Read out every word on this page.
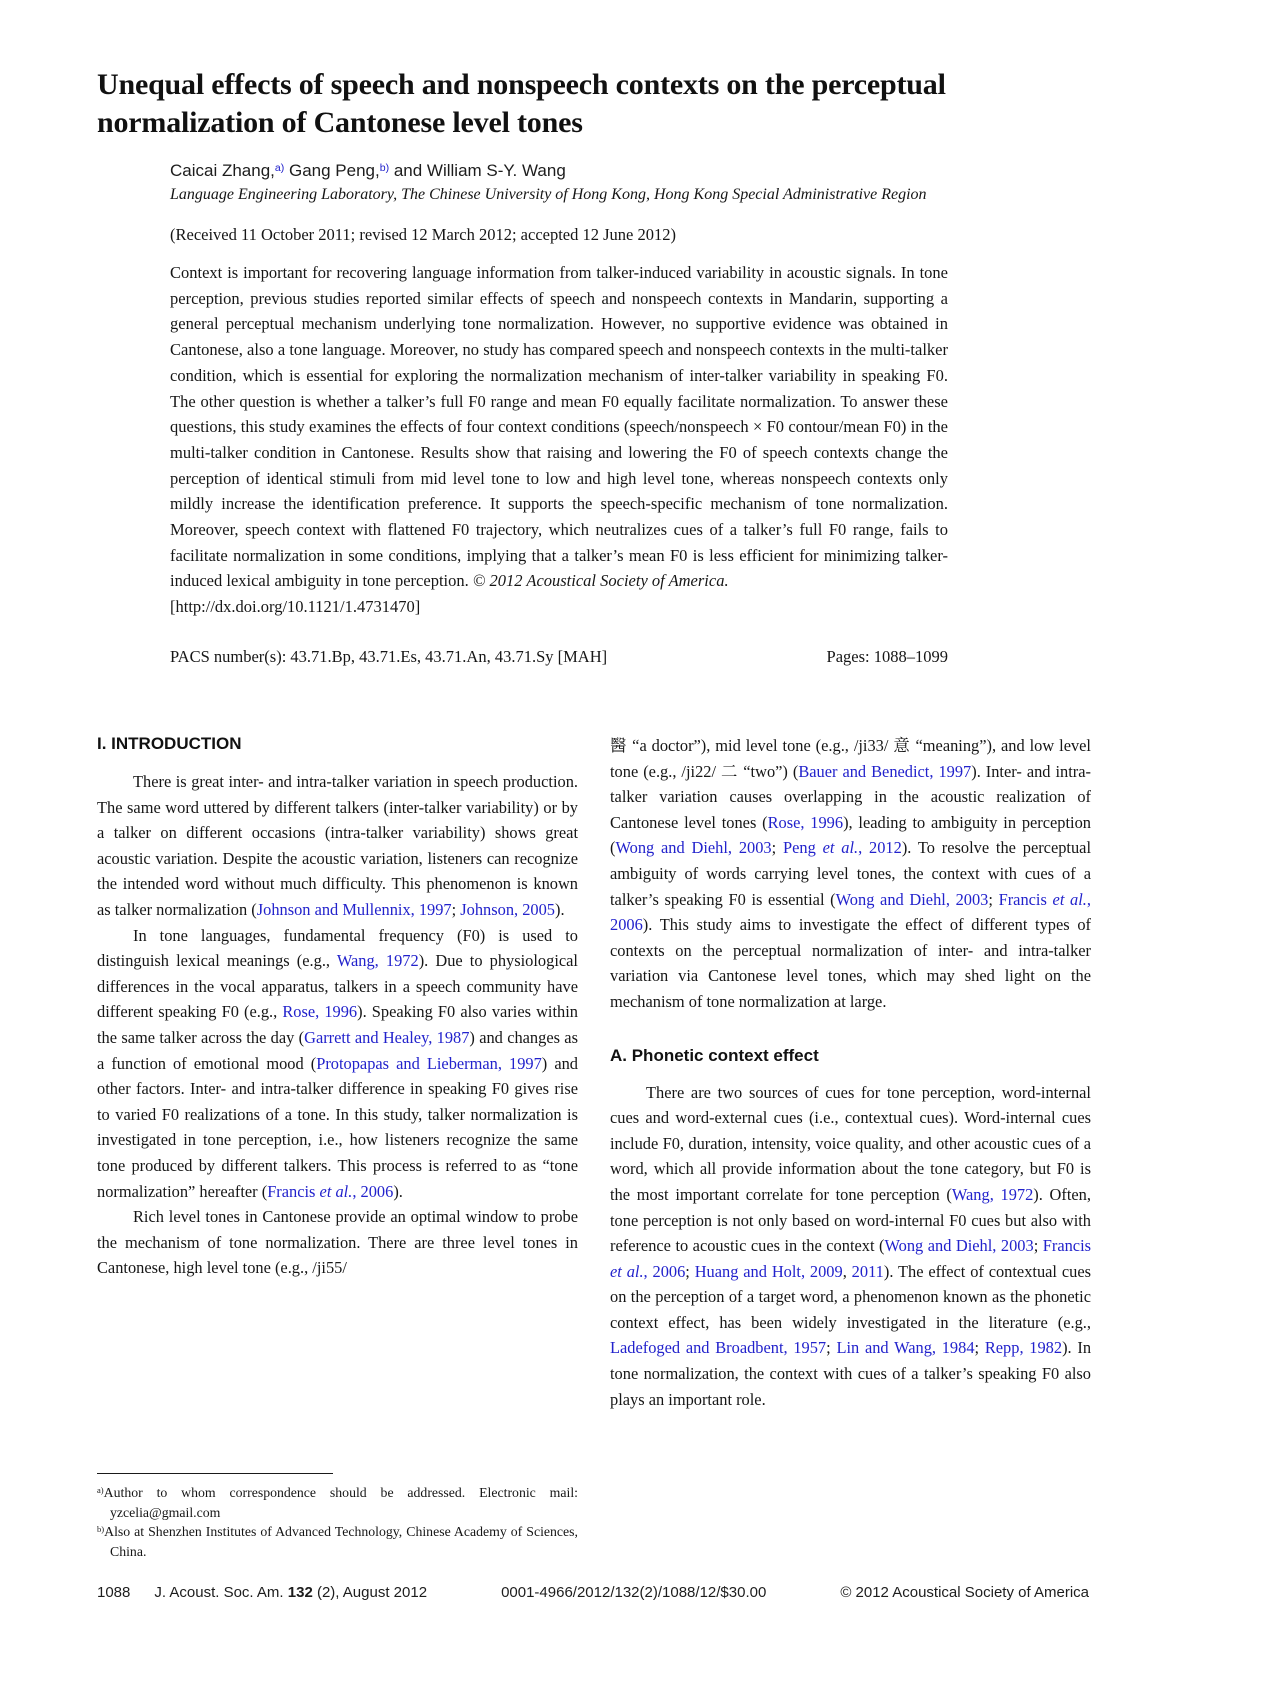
Unequal effects of speech and nonspeech contexts on the perceptual normalization of Cantonese level tones
Caicai Zhang,$^{a)}$ Gang Peng,$^{b)}$ and William S-Y. Wang
Language Engineering Laboratory, The Chinese University of Hong Kong, Hong Kong Special Administrative Region
(Received 11 October 2011; revised 12 March 2012; accepted 12 June 2012)
Context is important for recovering language information from talker-induced variability in acoustic signals. In tone perception, previous studies reported similar effects of speech and nonspeech contexts in Mandarin, supporting a general perceptual mechanism underlying tone normalization. However, no supportive evidence was obtained in Cantonese, also a tone language. Moreover, no study has compared speech and nonspeech contexts in the multi-talker condition, which is essential for exploring the normalization mechanism of inter-talker variability in speaking F0. The other question is whether a talker’s full F0 range and mean F0 equally facilitate normalization. To answer these questions, this study examines the effects of four context conditions (speech/nonspeech × F0 contour/mean F0) in the multi-talker condition in Cantonese. Results show that raising and lowering the F0 of speech contexts change the perception of identical stimuli from mid level tone to low and high level tone, whereas nonspeech contexts only mildly increase the identification preference. It supports the speech-specific mechanism of tone normalization. Moreover, speech context with flattened F0 trajectory, which neutralizes cues of a talker’s full F0 range, fails to facilitate normalization in some conditions, implying that a talker’s mean F0 is less efficient for minimizing talker-induced lexical ambiguity in tone perception. © 2012 Acoustical Society of America.
[http://dx.doi.org/10.1121/1.4731470]
PACS number(s): 43.71.Bp, 43.71.Es, 43.71.An, 43.71.Sy [MAH]	Pages: 1088–1099
I. INTRODUCTION

There is great inter- and intra-talker variation in speech production. The same word uttered by different talkers (inter-talker variability) or by a talker on different occasions (intra-talker variability) shows great acoustic variation. Despite the acoustic variation, listeners can recognize the intended word without much difficulty. This phenomenon is known as talker normalization (Johnson and Mullennix, 1997; Johnson, 2005).

In tone languages, fundamental frequency (F0) is used to distinguish lexical meanings (e.g., Wang, 1972). Due to physiological differences in the vocal apparatus, talkers in a speech community have different speaking F0 (e.g., Rose, 1996). Speaking F0 also varies within the same talker across the day (Garrett and Healey, 1987) and changes as a function of emotional mood (Protopapas and Lieberman, 1997) and other factors. Inter- and intra-talker difference in speaking F0 gives rise to varied F0 realizations of a tone. In this study, talker normalization is investigated in tone perception, i.e., how listeners recognize the same tone produced by different talkers. This process is referred to as “tone normalization” hereafter (Francis et al., 2006).

Rich level tones in Cantonese provide an optimal window to probe the mechanism of tone normalization. There are three level tones in Cantonese, high level tone (e.g., /ji55/

$^{a)}$Author to whom correspondence should be addressed. Electronic mail: yzcelia@gmail.com

$^{b)}$Also at Shenzhen Institutes of Advanced Technology, Chinese Academy of Sciences, China.

醫 “a doctor”), mid level tone (e.g., /ji33/ 意 “meaning”), and low level tone (e.g., /ji22/ 二 “two”) (Bauer and Benedict, 1997). Inter- and intra-talker variation causes overlapping in the acoustic realization of Cantonese level tones (Rose, 1996), leading to ambiguity in perception (Wong and Diehl, 2003; Peng et al., 2012). To resolve the perceptual ambiguity of words carrying level tones, the context with cues of a talker’s speaking F0 is essential (Wong and Diehl, 2003; Francis et al., 2006). This study aims to investigate the effect of different types of contexts on the perceptual normalization of inter- and intra-talker variation via Cantonese level tones, which may shed light on the mechanism of tone normalization at large.

A. Phonetic context effect

There are two sources of cues for tone perception, word-internal cues and word-external cues (i.e., contextual cues). Word-internal cues include F0, duration, intensity, voice quality, and other acoustic cues of a word, which all provide information about the tone category, but F0 is the most important correlate for tone perception (Wang, 1972). Often, tone perception is not only based on word-internal F0 cues but also with reference to acoustic cues in the context (Wong and Diehl, 2003; Francis et al., 2006; Huang and Holt, 2009, 2011). The effect of contextual cues on the perception of a target word, a phenomenon known as the phonetic context effect, has been widely investigated in the literature (e.g., Ladefoged and Broadbent, 1957; Lin and Wang, 1984; Repp, 1982). In tone normalization, the context with cues of a talker’s speaking F0 also plays an important role.

1088 J. Acoust. Soc. Am. 132 (2), August 2012	0001-4966/2012/132(2)/1088/12/$30.00	© 2012 Acoustical Society of America
